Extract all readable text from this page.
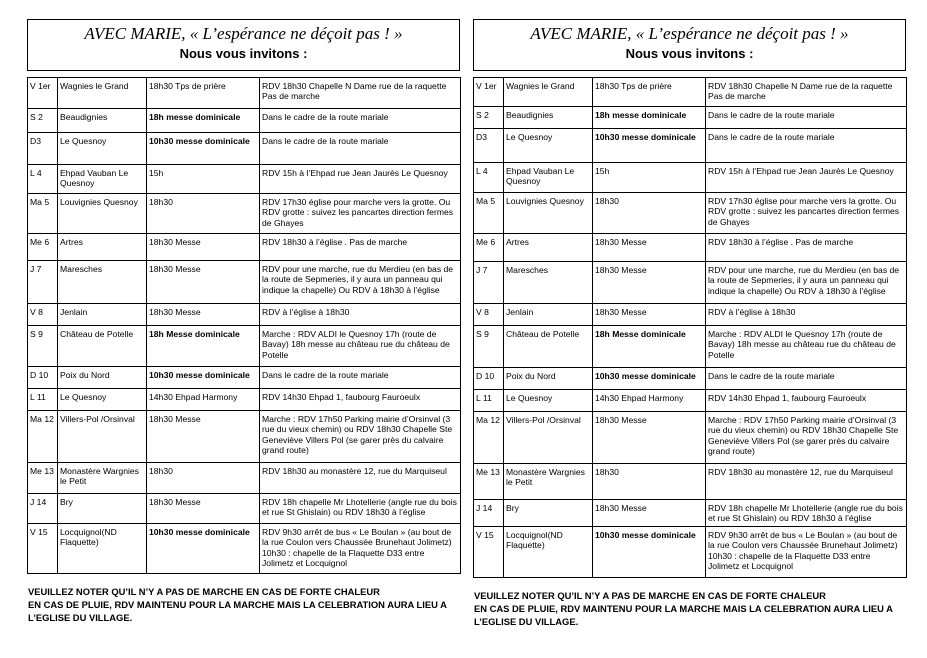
AVEC MARIE, « L’espérance ne déçoit pas ! »
Nous vous invitons :
V 1er	Wagnies le Grand	18h30 Tps de prière	RDV 18h30 Chapelle N Dame rue de la raquette Pas de marche
S 2	Beaudignies	18h messe dominicale	Dans le cadre de la route mariale
D3	Le Quesnoy	10h30 messe dominicale	Dans le cadre de la route mariale
L 4	Ehpad Vauban Le Quesnoy	15h	RDV 15h à l’Ehpad rue Jean Jaurès Le Quesnoy
Ma 5	Louvignies Quesnoy	18h30	RDV 17h30 église pour marche vers la grotte. Ou RDV grotte : suivez les pancartes direction fermes de Ghayes
Me 6	Artres	18h30 Messe	RDV 18h30 à l’église . Pas de marche
J 7	Maresches	18h30 Messe	RDV pour une marche, rue du Merdieu (en bas de la route de Sepmeries, il y aura un panneau qui indique la chapelle) Ou RDV à 18h30 à l’église
V 8	Jenlain	18h30 Messe	RDV à l’église à 18h30
S 9	Château de Potelle	18h Messe dominicale	Marche : RDV ALDI le Quesnoy 17h (route de Bavay) 18h messe au château rue du château de Potelle
D 10	Poix du Nord	10h30 messe dominicale	Dans le cadre de la route mariale
L 11	Le Quesnoy	14h30 Ehpad Harmony	RDV 14h30 Ehpad 1, faubourg Fauroeulx
Ma 12	Villers-Pol /Orsinval	18h30 Messe	Marche : RDV 17h50 Parking mairie d’Orsinval (3 rue du vieux chemin) ou RDV 18h30 Chapelle Ste Geneviève Villers Pol (se garer près du calvaire grand route)
Me 13	Monastère Wargnies le Petit	18h30	RDV 18h30 au monastère 12, rue du Marquiseul
J 14	Bry	18h30 Messe	RDV 18h chapelle Mr Lhotellerie (angle rue du bois et rue St Ghislain) ou RDV 18h30 à l’église
V 15	Locquignol(ND Flaquette)	10h30 messe dominicale	RDV 9h30 arrêt de bus « Le Boulan » (au bout de la rue Coulon vers Chaussée Brunehaut Jolimetz) 10h30 : chapelle de la Flaquette D33 entre Jolimetz et Locquignol
VEUILLEZ NOTER QU’IL N’Y A PAS DE MARCHE EN CAS DE FORTE CHALEUR
EN CAS DE PLUIE, RDV MAINTENU POUR LA MARCHE MAIS LA CELEBRATION AURA LIEU A L’EGLISE DU VILLAGE.
AVEC MARIE, « L’espérance ne déçoit pas ! »
Nous vous invitons :
V 1er	Wagnies le Grand	18h30 Tps de prière	RDV 18h30 Chapelle N Dame rue de la raquette Pas de marche
S 2	Beaudignies	18h messe dominicale	Dans le cadre de la route mariale
D3	Le Quesnoy	10h30 messe dominicale	Dans le cadre de la route mariale
L 4	Ehpad Vauban Le Quesnoy	15h	RDV 15h à l’Ehpad rue Jean Jaurès Le Quesnoy
Ma 5	Louvignies Quesnoy	18h30	RDV 17h30 église pour marche vers la grotte. Ou RDV grotte : suivez les pancartes direction fermes de Ghayes
Me 6	Artres	18h30 Messe	RDV 18h30 à l’église . Pas de marche
J 7	Maresches	18h30 Messe	RDV pour une marche, rue du Merdieu (en bas de la route de Sepmeries, il y aura un panneau qui indique la chapelle) Ou RDV à 18h30 à l’église
V 8	Jenlain	18h30 Messe	RDV à l’église à 18h30
S 9	Château de Potelle	18h Messe dominicale	Marche : RDV ALDI le Quesnoy 17h (route de Bavay) 18h messe au château rue du château de Potelle
D 10	Poix du Nord	10h30 messe dominicale	Dans le cadre de la route mariale
L 11	Le Quesnoy	14h30 Ehpad Harmony	RDV 14h30 Ehpad 1, faubourg Fauroeulx
Ma 12	Villers-Pol /Orsinval	18h30 Messe	Marche : RDV 17h50 Parking mairie d’Orsinval (3 rue du vieux chemin) ou RDV 18h30 Chapelle Ste Geneviève Villers Pol (se garer près du calvaire grand route)
Me 13	Monastère Wargnies le Petit	18h30	RDV 18h30 au monastère 12, rue du Marquiseul
J 14	Bry	18h30 Messe	RDV 18h chapelle Mr Lhotellerie (angle rue du bois et rue St Ghislain) ou RDV 18h30 à l’église
V 15	Locquignol(ND Flaquette)	10h30 messe dominicale	RDV 9h30 arrêt de bus « Le Boulan » (au bout de la rue Coulon vers Chaussée Brunehaut Jolimetz) 10h30 : chapelle de la Flaquette D33 entre Jolimetz et Locquignol
VEUILLEZ NOTER QU’IL N’Y A PAS DE MARCHE EN CAS DE FORTE CHALEUR
EN CAS DE PLUIE, RDV MAINTENU POUR LA MARCHE MAIS LA CELEBRATION AURA LIEU A L’EGLISE DU VILLAGE.
